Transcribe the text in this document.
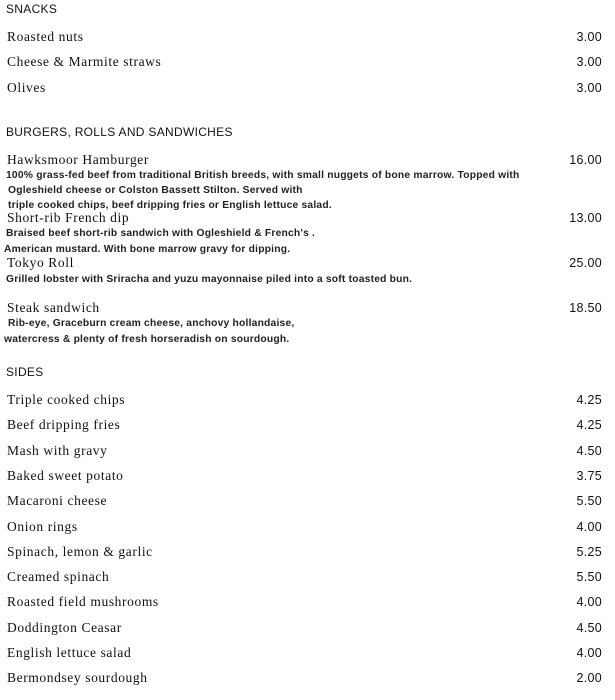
SNACKS
Roasted nuts	3.00
Cheese & Marmite straws	3.00
Olives	3.00
BURGERS, ROLLS AND SANDWICHES
Hawksmoor Hamburger	16.00
100% grass-fed beef from traditional British breeds, with small nuggets of bone marrow. Topped with
Ogleshield cheese or Colston Bassett Stilton. Served with
triple cooked chips, beef dripping fries or English lettuce salad.
Short-rib French dip	13.00
Braised beef short-rib sandwich with Ogleshield & French's .
American mustard. With bone marrow gravy for dipping.
Tokyo Roll	25.00
Grilled lobster with Sriracha and yuzu mayonnaise piled into a soft toasted bun.
Steak sandwich	18.50
Rib-eye, Graceburn cream cheese, anchovy hollandaise,
watercress & plenty of fresh horseradish on sourdough.
SIDES
Triple cooked chips	4.25
Beef dripping fries	4.25
Mash with gravy	4.50
Baked sweet potato	3.75
Macaroni cheese	5.50
Onion rings	4.00
Spinach, lemon & garlic	5.25
Creamed spinach	5.50
Roasted field mushrooms	4.00
Doddington Ceasar	4.50
English lettuce salad	4.00
Bermondsey sourdough	2.00
